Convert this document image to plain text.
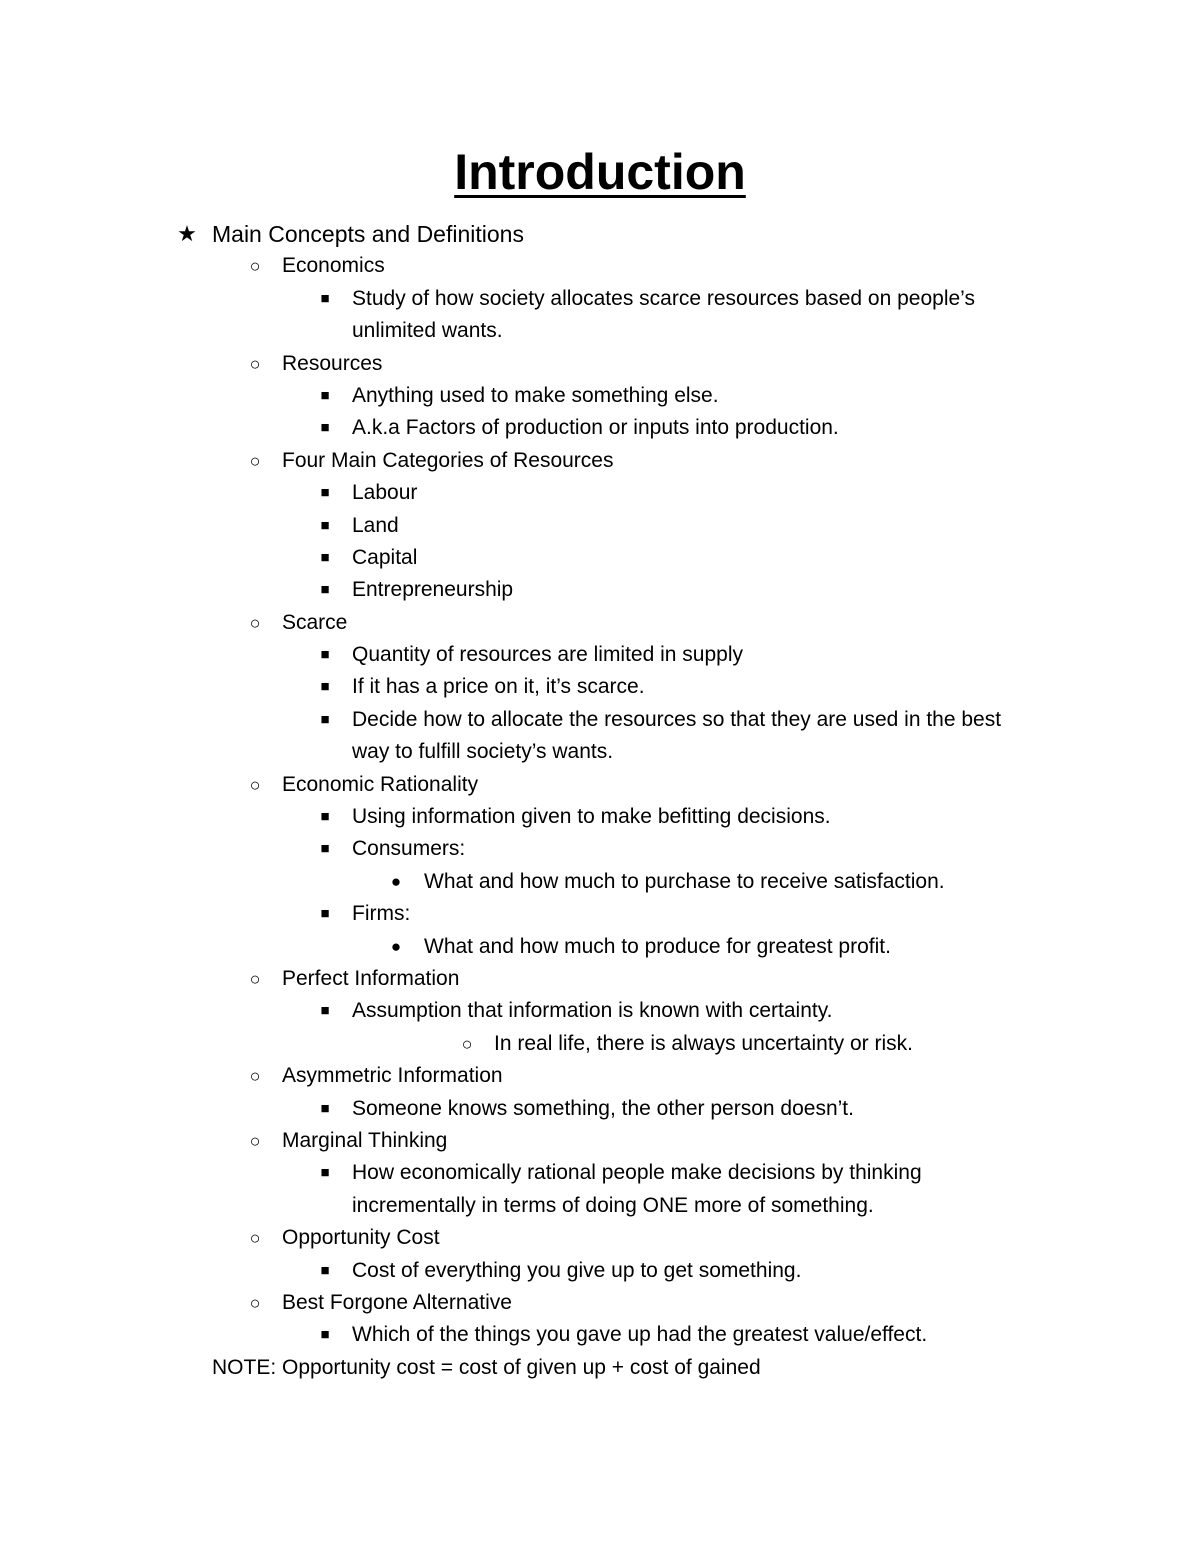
Introduction
★ Main Concepts and Definitions
○	Economics
■	Study of how society allocates scarce resources based on people’s unlimited wants.
○	Resources
■	Anything used to make something else.
■	A.k.a Factors of production or inputs into production.
○	Four Main Categories of Resources
■	Labour
■	Land
■	Capital
■	Entrepreneurship
○	Scarce
■	Quantity of resources are limited in supply
■	If it has a price on it, it’s scarce.
■	Decide how to allocate the resources so that they are used in the best way to fulfill society’s wants.
○	Economic Rationality
■	Using information given to make befitting decisions.
■	Consumers:
●	What and how much to purchase to receive satisfaction.
■	Firms:
●	What and how much to produce for greatest profit.
○	Perfect Information
■	Assumption that information is known with certainty.
○	In real life, there is always uncertainty or risk.
○	Asymmetric Information
■	Someone knows something, the other person doesn’t.
○	Marginal Thinking
■	How economically rational people make decisions by thinking incrementally in terms of doing ONE more of something.
○	Opportunity Cost
■	Cost of everything you give up to get something.
○	Best Forgone Alternative
■	Which of the things you gave up had the greatest value/effect.
NOTE: Opportunity cost = cost of given up + cost of gained
